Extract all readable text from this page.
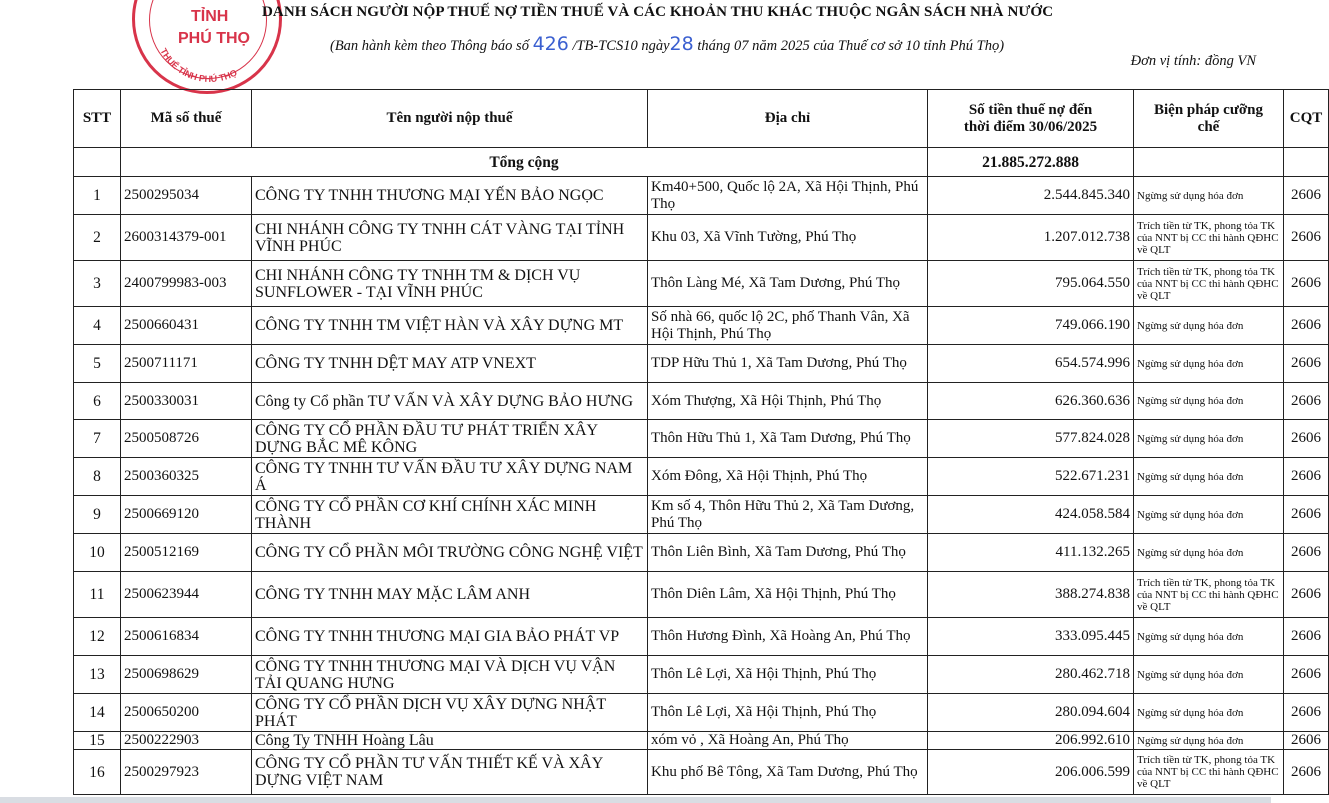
THUẾ TỈNH PHÚ THỌ
TỈNH
PHÚ THỌ
DANH SÁCH NGƯỜI NỘP THUẾ NỢ TIỀN THUẾ VÀ CÁC KHOẢN THU KHÁC THUỘC NGÂN SÁCH NHÀ NƯỚC
(Ban hành kèm theo Thông báo số 426 /TB-TCS10 ngày28 tháng 07 năm 2025 của Thuế cơ sở 10 tỉnh Phú Thọ)
Đơn vị tính: đồng VN
STT	Mã số thuế	Tên người nộp thuế	Địa chỉ	Số tiền thuế nợ đến thời điểm 30/06/2025	Biện pháp cưỡng chế	CQT
	Tổng cộng			21.885.272.888		
1	2500295034	CÔNG TY TNHH THƯƠNG MẠI YẾN BẢO NGỌC	Km40+500, Quốc lộ 2A, Xã Hội Thịnh, Phú Thọ	2.544.845.340	Ngừng sử dụng hóa đơn	2606
2	2600314379-001	CHI NHÁNH CÔNG TY TNHH CÁT VÀNG TẠI TỈNH VĨNH PHÚC	Khu 03, Xã Vĩnh Tường, Phú Thọ	1.207.012.738	Trích tiền từ TK, phong tỏa TK của NNT bị CC thi hành QĐHC về QLT	2606
3	2400799983-003	CHI NHÁNH CÔNG TY TNHH TM & DỊCH VỤ SUNFLOWER - TẠI VĨNH PHÚC	Thôn Làng Mé, Xã Tam Dương, Phú Thọ	795.064.550	Trích tiền từ TK, phong tỏa TK của NNT bị CC thi hành QĐHC về QLT	2606
4	2500660431	CÔNG TY TNHH TM VIỆT HÀN VÀ XÂY DỰNG MT	Số nhà 66, quốc lộ 2C, phố Thanh Vân, Xã Hội Thịnh, Phú Thọ	749.066.190	Ngừng sử dụng hóa đơn	2606
5	2500711171	CÔNG TY TNHH DỆT MAY ATP VNEXT	TDP Hữu Thủ 1, Xã Tam Dương, Phú Thọ	654.574.996	Ngừng sử dụng hóa đơn	2606
6	2500330031	Công ty Cổ phần TƯ VẤN VÀ XÂY DỰNG BẢO HƯNG	Xóm Thượng, Xã Hội Thịnh, Phú Thọ	626.360.636	Ngừng sử dụng hóa đơn	2606
7	2500508726	CÔNG TY CỔ PHẦN ĐẦU TƯ PHÁT TRIỂN XÂY DỰNG BẮC MÊ KÔNG	Thôn Hữu Thủ 1, Xã Tam Dương, Phú Thọ	577.824.028	Ngừng sử dụng hóa đơn	2606
8	2500360325	CÔNG TY TNHH TƯ VẤN ĐẦU TƯ XÂY DỰNG NAM Á	Xóm Đông, Xã Hội Thịnh, Phú Thọ	522.671.231	Ngừng sử dụng hóa đơn	2606
9	2500669120	CÔNG TY CỔ PHẦN CƠ KHÍ CHÍNH XÁC MINH THÀNH	Km số 4, Thôn Hữu Thủ 2, Xã Tam Dương, Phú Thọ	424.058.584	Ngừng sử dụng hóa đơn	2606
10	2500512169	CÔNG TY CỔ PHẦN MÔI TRƯỜNG CÔNG NGHỆ VIỆT	Thôn Liên Bình, Xã Tam Dương, Phú Thọ	411.132.265	Ngừng sử dụng hóa đơn	2606
11	2500623944	CÔNG TY TNHH MAY MẶC LÂM ANH	Thôn Diên Lâm, Xã Hội Thịnh, Phú Thọ	388.274.838	Trích tiền từ TK, phong tỏa TK của NNT bị CC thi hành QĐHC về QLT	2606
12	2500616834	CÔNG TY TNHH THƯƠNG MẠI GIA BẢO PHÁT VP	Thôn Hương Đình, Xã Hoàng An, Phú Thọ	333.095.445	Ngừng sử dụng hóa đơn	2606
13	2500698629	CÔNG TY TNHH THƯƠNG MẠI VÀ DỊCH VỤ VẬN TẢI QUANG HƯNG	Thôn Lê Lợi, Xã Hội Thịnh, Phú Thọ	280.462.718	Ngừng sử dụng hóa đơn	2606
14	2500650200	CÔNG TY CỔ PHẦN DỊCH VỤ XÂY DỰNG NHẬT PHÁT	Thôn Lê Lợi, Xã Hội Thịnh, Phú Thọ	280.094.604	Ngừng sử dụng hóa đơn	2606
15	2500222903	Công Ty TNHH Hoàng Lâu	xóm vỏ , Xã Hoàng An, Phú Thọ	206.992.610	Ngừng sử dụng hóa đơn	2606
16	2500297923	CÔNG TY CỔ PHẦN TƯ VẤN THIẾT KẾ VÀ XÂY DỰNG VIỆT NAM	Khu phố Bê Tông, Xã Tam Dương, Phú Thọ	206.006.599	Trích tiền từ TK, phong tỏa TK của NNT bị CC thi hành QĐHC về QLT	2606
